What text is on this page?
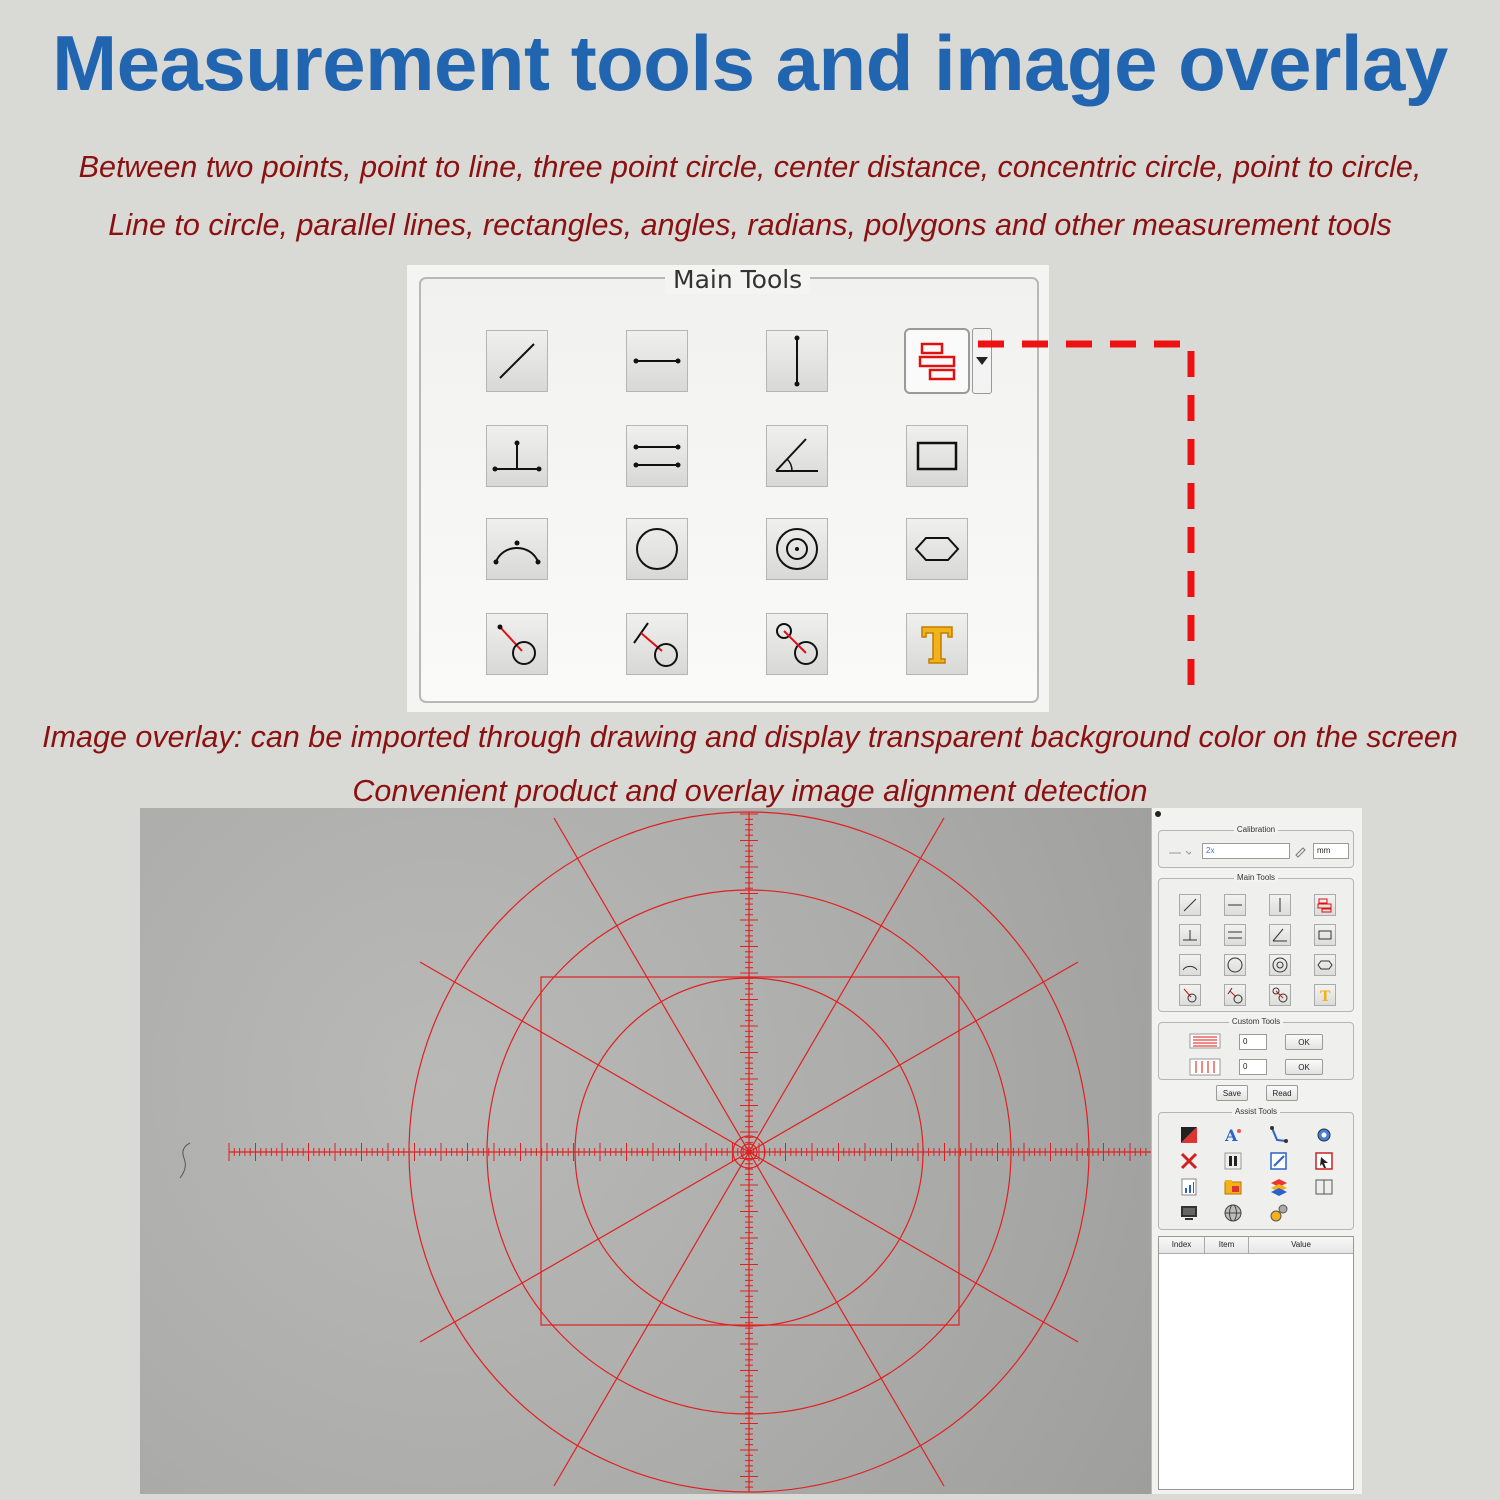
Measurement tools and image overlay
Between two points, point to line, three point circle, center distance, concentric circle, point to circle,
Line to circle, parallel lines, rectangles, angles, radians, polygons and other measurement tools
Main Tools
Image overlay: can be imported through drawing and display transparent background color on the screen
Convenient product and overlay image alignment detection
Calibration
2x	mm
Main Tools
T
Custom Tools
0	OK
0	OK
Save	Read
Assist Tools
A
Index	Item	Value
